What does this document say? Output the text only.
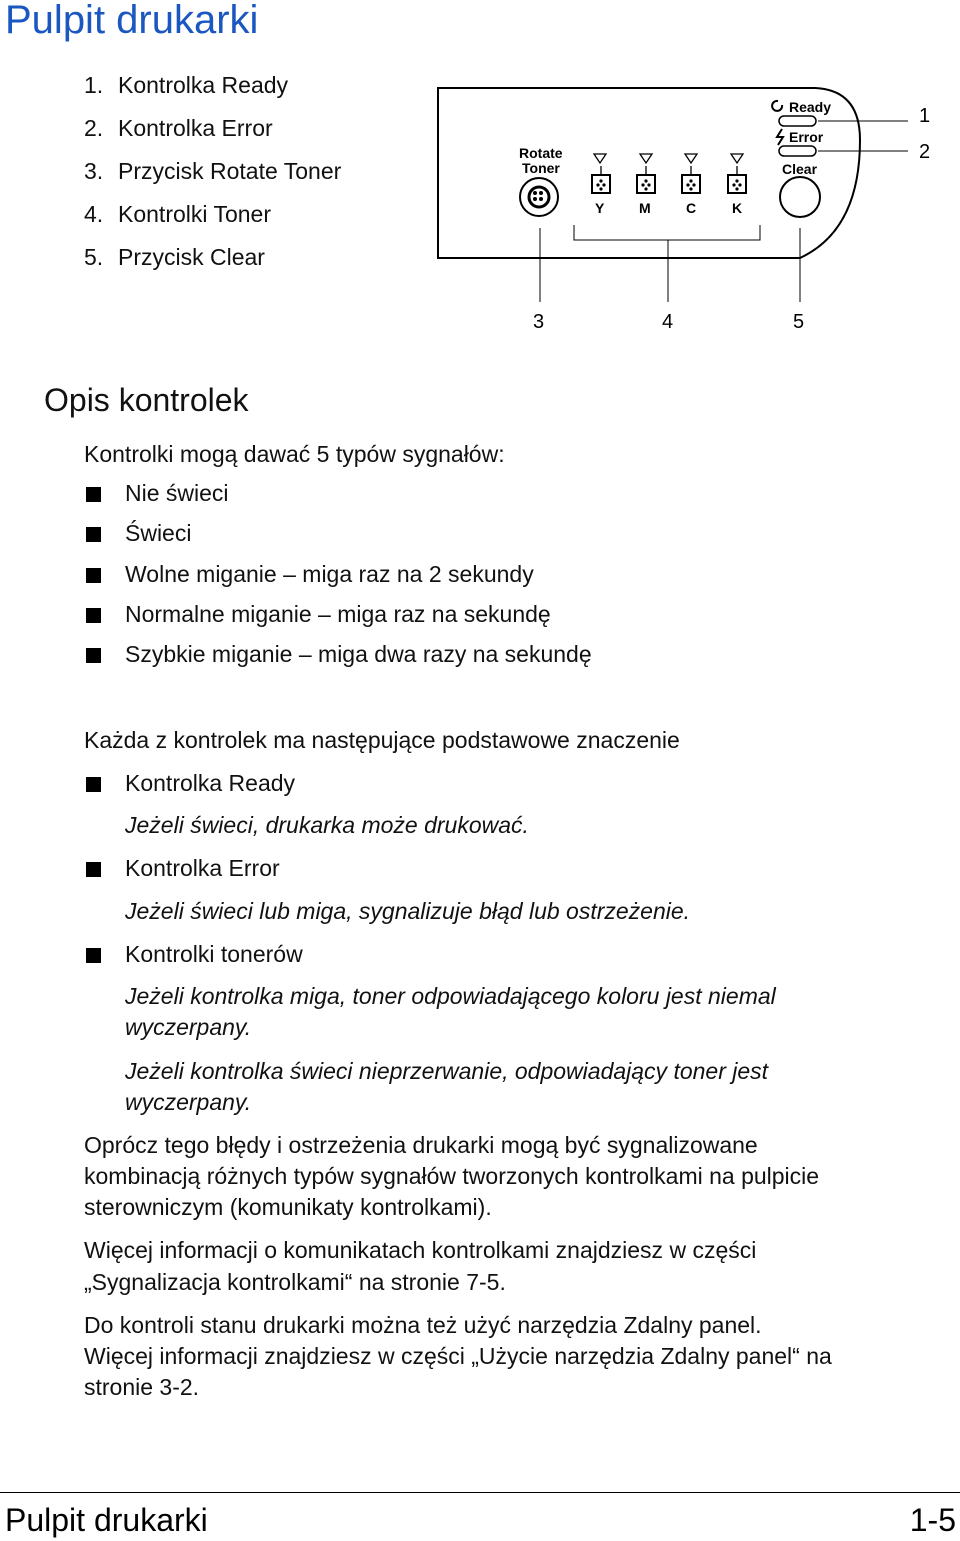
Pulpit drukarki
1. Kontrolka Ready
2. Kontrolka Error
3. Przycisk Rotate Toner
4. Kontrolki Toner
5. Przycisk Clear
Rotate
Toner
Y M	C	K
Ready
Error
Clear
1
2
3	4	5
Opis kontrolek
Kontrolki mogą dawać 5 typów sygnałów:
Nie świeci
Świeci
Wolne miganie – miga raz na 2 sekundy
Normalne miganie – miga raz na sekundę
Szybkie miganie – miga dwa razy na sekundę
Każda z kontrolek ma następujące podstawowe znaczenie
Kontrolka Ready
Jeżeli świeci, drukarka może drukować.
Kontrolka Error
Jeżeli świeci lub miga, sygnalizuje błąd lub ostrzeżenie.
Kontrolki tonerów
Jeżeli kontrolka miga, toner odpowiadającego koloru jest niemal
wyczerpany.
Jeżeli kontrolka świeci nieprzerwanie, odpowiadający toner jest
wyczerpany.
Oprócz tego błędy i ostrzeżenia drukarki mogą być sygnalizowane
kombinacją różnych typów sygnałów tworzonych kontrolkami na pulpicie
sterowniczym (komunikaty kontrolkami).
Więcej informacji o komunikatach kontrolkami znajdziesz w części
„Sygnalizacja kontrolkami“ na stronie 7-5.
Do kontroli stanu drukarki można też użyć narzędzia Zdalny panel.
Więcej informacji znajdziesz w części „Użycie narzędzia Zdalny panel“ na
stronie 3-2.
Pulpit drukarki	1-5
